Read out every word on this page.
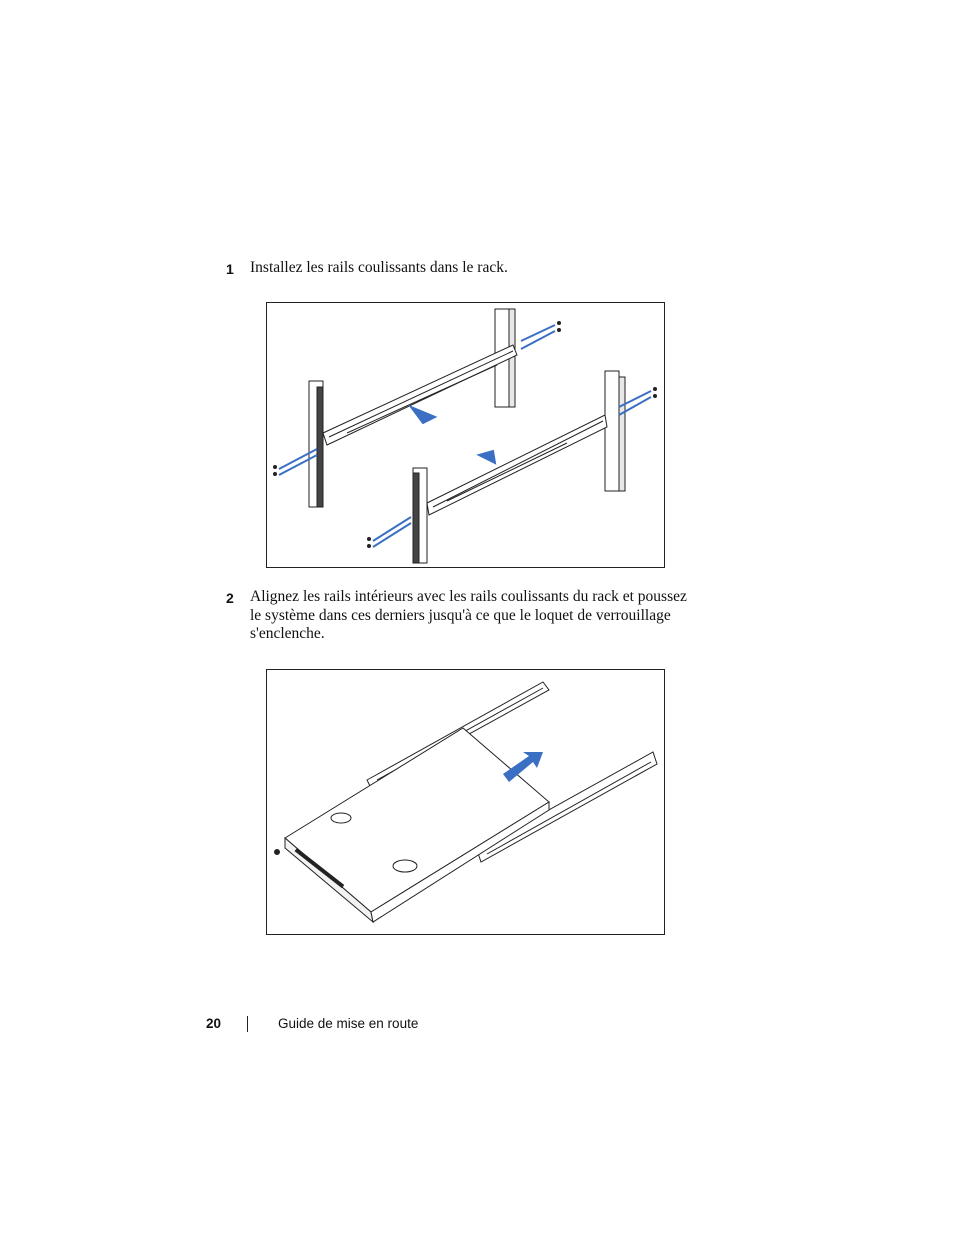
1 Installez les rails coulissants dans le rack.
2 Alignez les rails intérieurs avec les rails coulissants du rack et poussez le système dans ces derniers jusqu'à ce que le loquet de verrouillage s'enclenche.
20	Guide de mise en route
